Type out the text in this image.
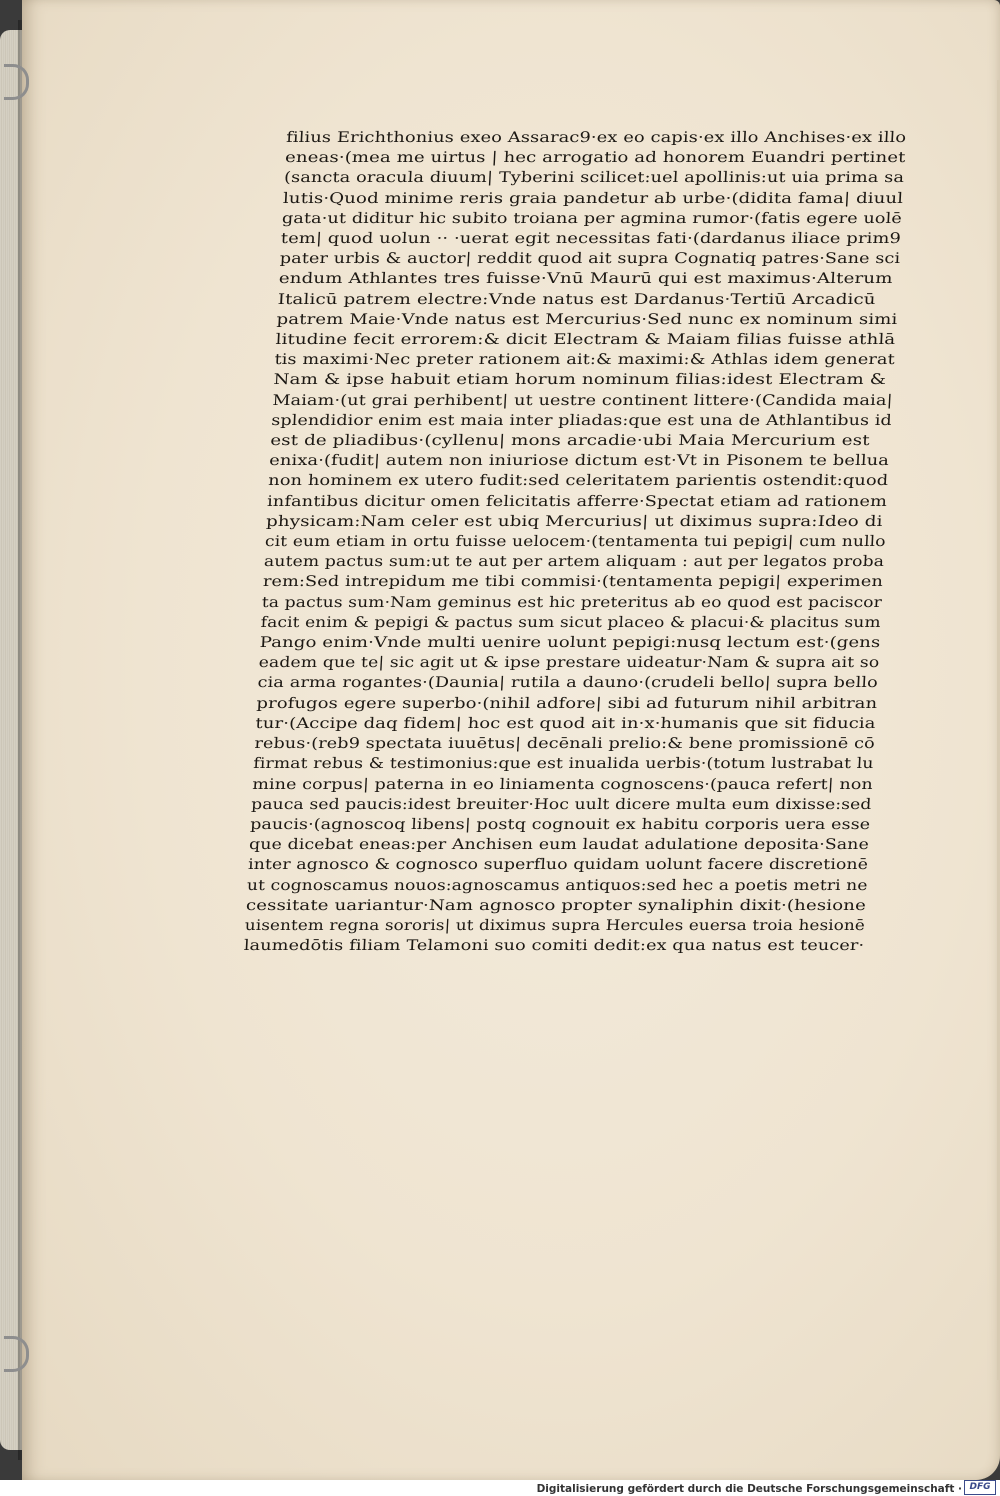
filius Erichthonius exeo Assarac9·ex eo capis·ex illo Anchises·ex illo
eneas·(mea me uirtus | hec arrogatio ad honorem Euandri pertinet
(sancta oracula diuum| Tyberini scilicet:uel apollinis:ut uia prima sa
lutis·Quod minime reris graia pandetur ab urbe·(didita fama| diuul
gata·ut diditur hic subito troiana per agmina rumor·(fatis egere uolē
tem| quod uolun ·· ·uerat egit necessitas fati·(dardanus iliace prim9
pater urbis & auctor| reddit quod ait supra Cognatiq patres·Sane sci
endum Athlantes tres fuisse·Vnū Maurū qui est maximus·Alterum
Italicū patrem electre:Vnde natus est Dardanus·Tertiū Arcadicū
patrem Maie·Vnde natus est Mercurius·Sed nunc ex nominum simi
litudine fecit errorem:& dicit Electram & Maiam filias fuisse athlā
tis maximi·Nec preter rationem ait:& maximi:& Athlas idem generat
Nam & ipse habuit etiam horum nominum filias:idest Electram &
Maiam·(ut grai perhibent| ut uestre continent littere·(Candida maia|
splendidior enim est maia inter pliadas:que est una de Athlantibus id
est de pliadibus·(cyllenu| mons arcadie·ubi Maia Mercurium est
enixa·(fudit| autem non iniuriose dictum est·Vt in Pisonem te bellua
non hominem ex utero fudit:sed celeritatem parientis ostendit:quod
infantibus dicitur omen felicitatis afferre·Spectat etiam ad rationem
physicam:Nam celer est ubiq Mercurius| ut diximus supra:Ideo di
cit eum etiam in ortu fuisse uelocem·(tentamenta tui pepigi| cum nullo
autem pactus sum:ut te aut per artem aliquam : aut per legatos proba
rem:Sed intrepidum me tibi commisi·(tentamenta pepigi| experimen
ta pactus sum·Nam geminus est hic preteritus ab eo quod est paciscor
facit enim & pepigi & pactus sum sicut placeo & placui·& placitus sum
Pango enim·Vnde multi uenire uolunt pepigi:nusq lectum est·(gens
eadem que te| sic agit ut & ipse prestare uideatur·Nam & supra ait so
cia arma rogantes·(Daunia| rutila a dauno·(crudeli bello| supra bello
profugos egere superbo·(nihil adfore| sibi ad futurum nihil arbitran
tur·(Accipe daq fidem| hoc est quod ait in·x·humanis que sit fiducia
rebus·(reb9 spectata iuuētus| decēnali prelio:& bene promissionē cō
firmat rebus & testimonius:que est inualida uerbis·(totum lustrabat lu
mine corpus| paterna in eo liniamenta cognoscens·(pauca refert| non
pauca sed paucis:idest breuiter·Hoc uult dicere multa eum dixisse:sed
paucis·(agnoscoq libens| postq cognouit ex habitu corporis uera esse
que dicebat eneas:per Anchisen eum laudat adulatione deposita·Sane
inter agnosco & cognosco superfluo quidam uolunt facere discretionē
ut cognoscamus nouos:agnoscamus antiquos:sed hec a poetis metri ne
cessitate uariantur·Nam agnosco propter synaliphin dixit·(hesione
uisentem regna sororis| ut diximus supra Hercules euersa troia hesionē
laumedōtis filiam Telamoni suo comiti dedit:ex qua natus est teucer·
Digitalisierung gefördert durch die Deutsche Forschungsgemeinschaft · DFG
